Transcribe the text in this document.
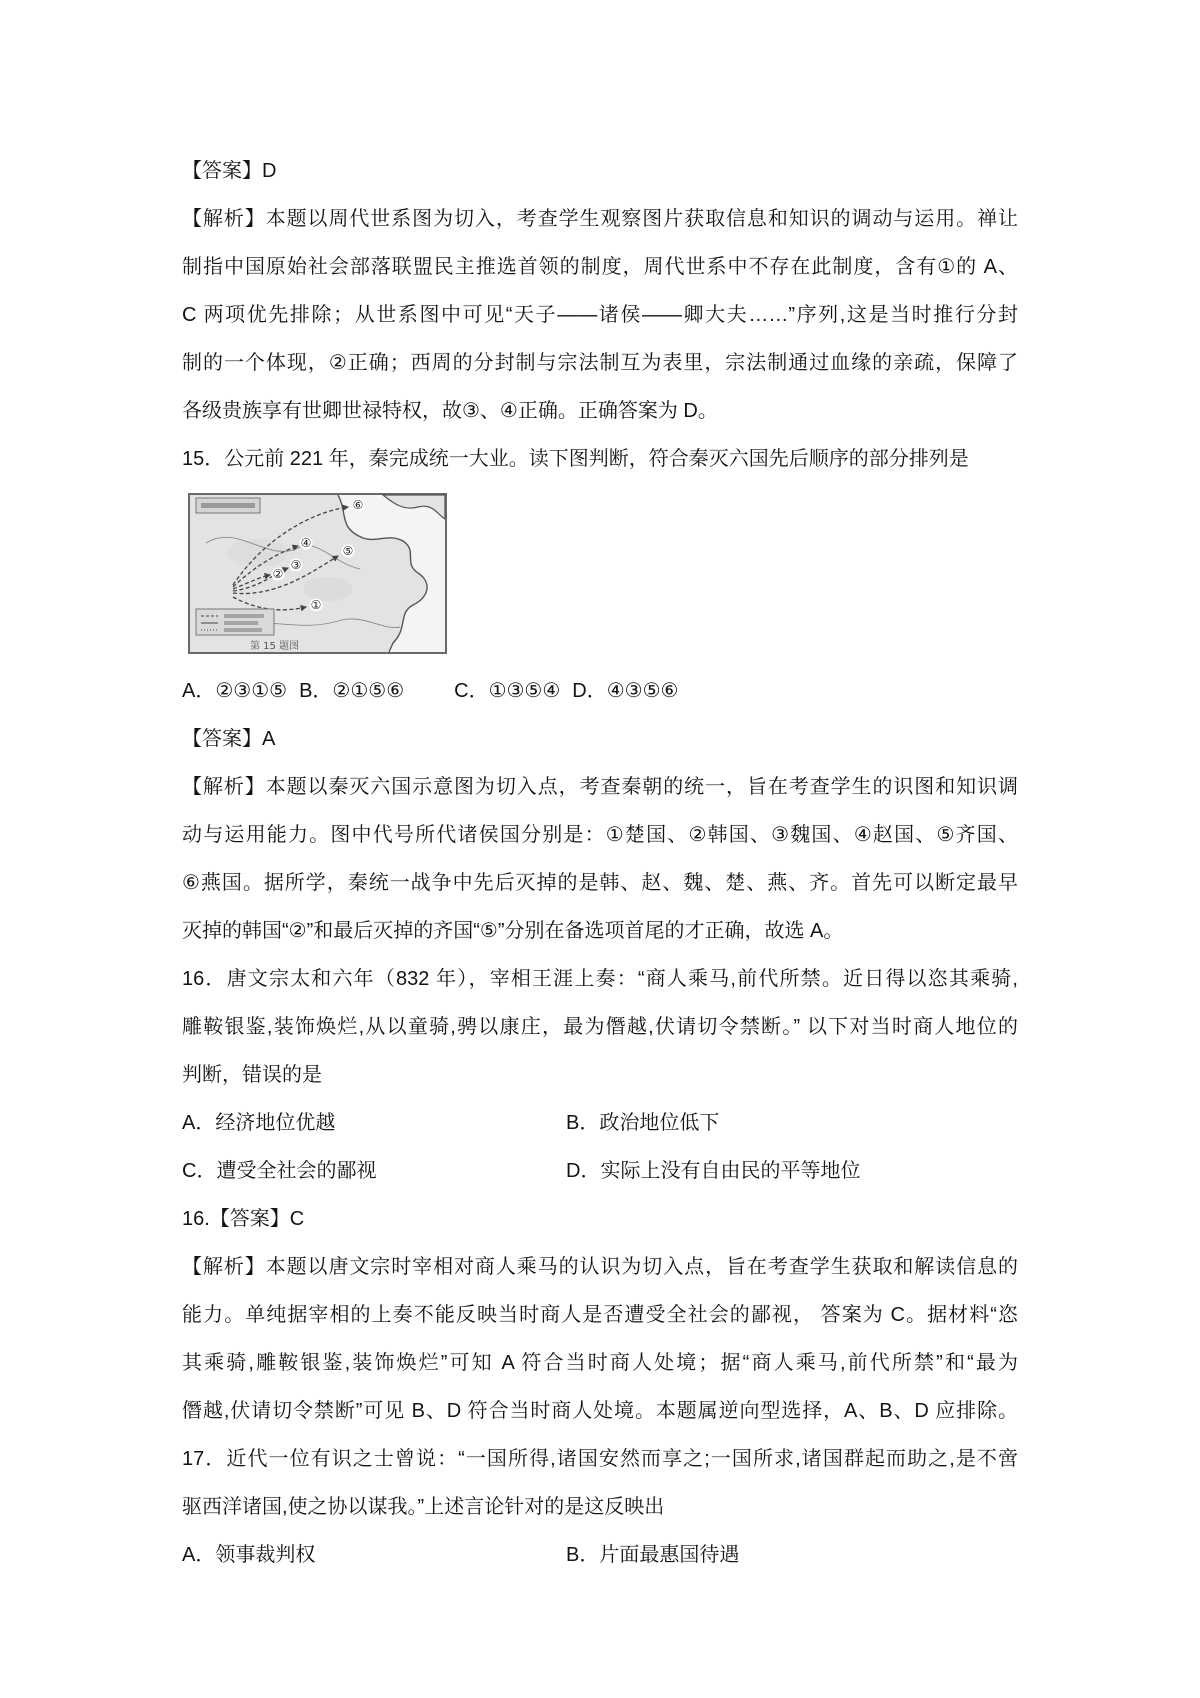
【答案】D
【解析】本题以周代世系图为切入，考查学生观察图片获取信息和知识的调动与运用。禅让
制指中国原始社会部落联盟民主推选首领的制度，周代世系中不存在此制度，含有①的 A、
C 两项优先排除；从世系图中可见“天子——诸侯——卿大夫……”序列,这是当时推行分封
制的一个体现，②正确；西周的分封制与宗法制互为表里，宗法制通过血缘的亲疏，保障了
各级贵族享有世卿世禄特权，故③、④正确。正确答案为 D。
15．公元前 221 年，秦完成统一大业。读下图判断，符合秦灭六国先后顺序的部分排列是
①
②
③
④
⑤
⑥
第 15 题图
A．②③①⑤ B．②①⑤⑥	C．①③⑤④ D．④③⑤⑥
【答案】A
【解析】本题以秦灭六国示意图为切入点，考查秦朝的统一，旨在考查学生的识图和知识调
动与运用能力。图中代号所代诸侯国分别是：①楚国、②韩国、③魏国、④赵国、⑤齐国、
⑥燕国。据所学，秦统一战争中先后灭掉的是韩、赵、魏、楚、燕、齐。首先可以断定最早
灭掉的韩国“②”和最后灭掉的齐国“⑤”分别在备选项首尾的才正确，故选 A。
16．唐文宗太和六年（832 年），宰相王涯上奏：“商人乘马,前代所禁。近日得以恣其乘骑,
雕鞍银鉴,装饰焕烂,从以童骑,骋以康庄，最为僭越,伏请切令禁断。” 以下对当时商人地位的
判断，错误的是
A．经济地位优越	B．政治地位低下
C．遭受全社会的鄙视	D．实际上没有自由民的平等地位
16.【答案】C
【解析】本题以唐文宗时宰相对商人乘马的认识为切入点，旨在考查学生获取和解读信息的
能力。单纯据宰相的上奏不能反映当时商人是否遭受全社会的鄙视， 答案为 C。据材料“恣
其乘骑,雕鞍银鉴,装饰焕烂”可知 A 符合当时商人处境；据“商人乘马,前代所禁”和“最为
僭越,伏请切令禁断”可见 B、D 符合当时商人处境。本题属逆向型选择，A、B、D 应排除。
17．近代一位有识之士曾说：“一国所得,诸国安然而享之;一国所求,诸国群起而助之,是不啻
驱西洋诸国,使之协以谋我。”上述言论针对的是这反映出
A．领事裁判权	B．片面最惠国待遇
